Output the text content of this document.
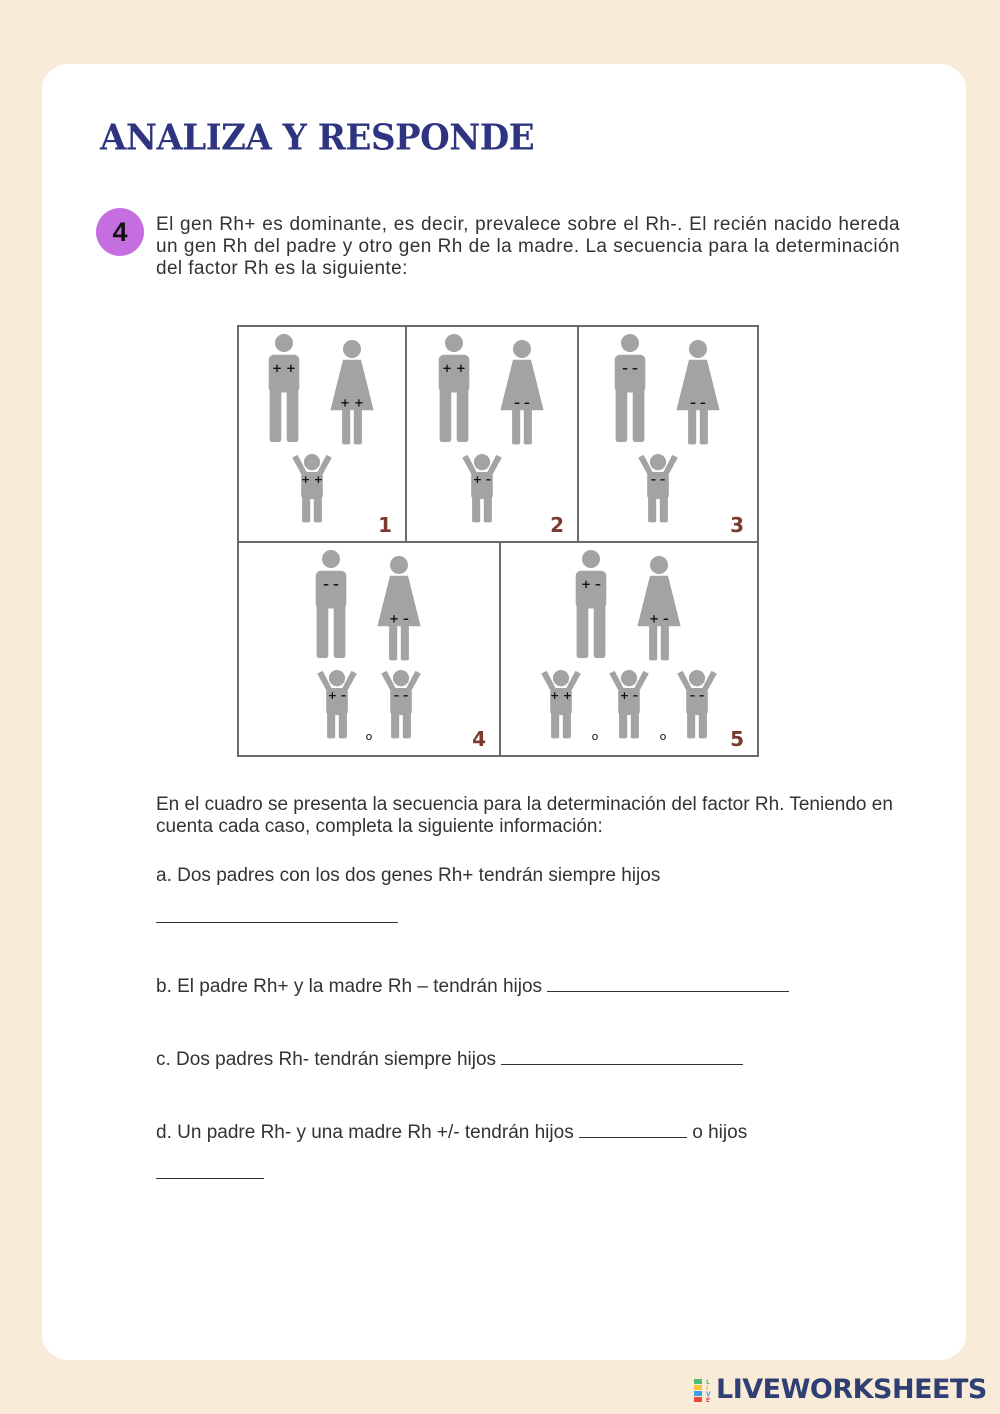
ANALIZA Y RESPONDE
4	El gen Rh+ es dominante, es decir, prevalece sobre el Rh-. El recién nacido hereda un gen Rh del padre y otro gen Rh de la madre. La secuencia para la determinación del factor Rh es la siguiente:

+ +
+ +
+ +
1
+ +
– –
+ –
2
– –
– –
– –
3
– –
+ –
+ –
o
– –
4
+ –
+ –
+ +
o
+ –
o
– –
5

En el cuadro se presenta la secuencia para la determinación del factor Rh. Teniendo en cuenta cada caso, completa la siguiente información:

a. Dos padres con los dos genes Rh+ tendrán siempre hijos

b. El padre Rh+ y la madre Rh – tendrán hijos

c. Dos padres Rh- tendrán siempre hijos

d. Un padre Rh- y una madre Rh +/- tendrán hijos	o hijos

L
I
V
E LIVEWORKSHEETS
